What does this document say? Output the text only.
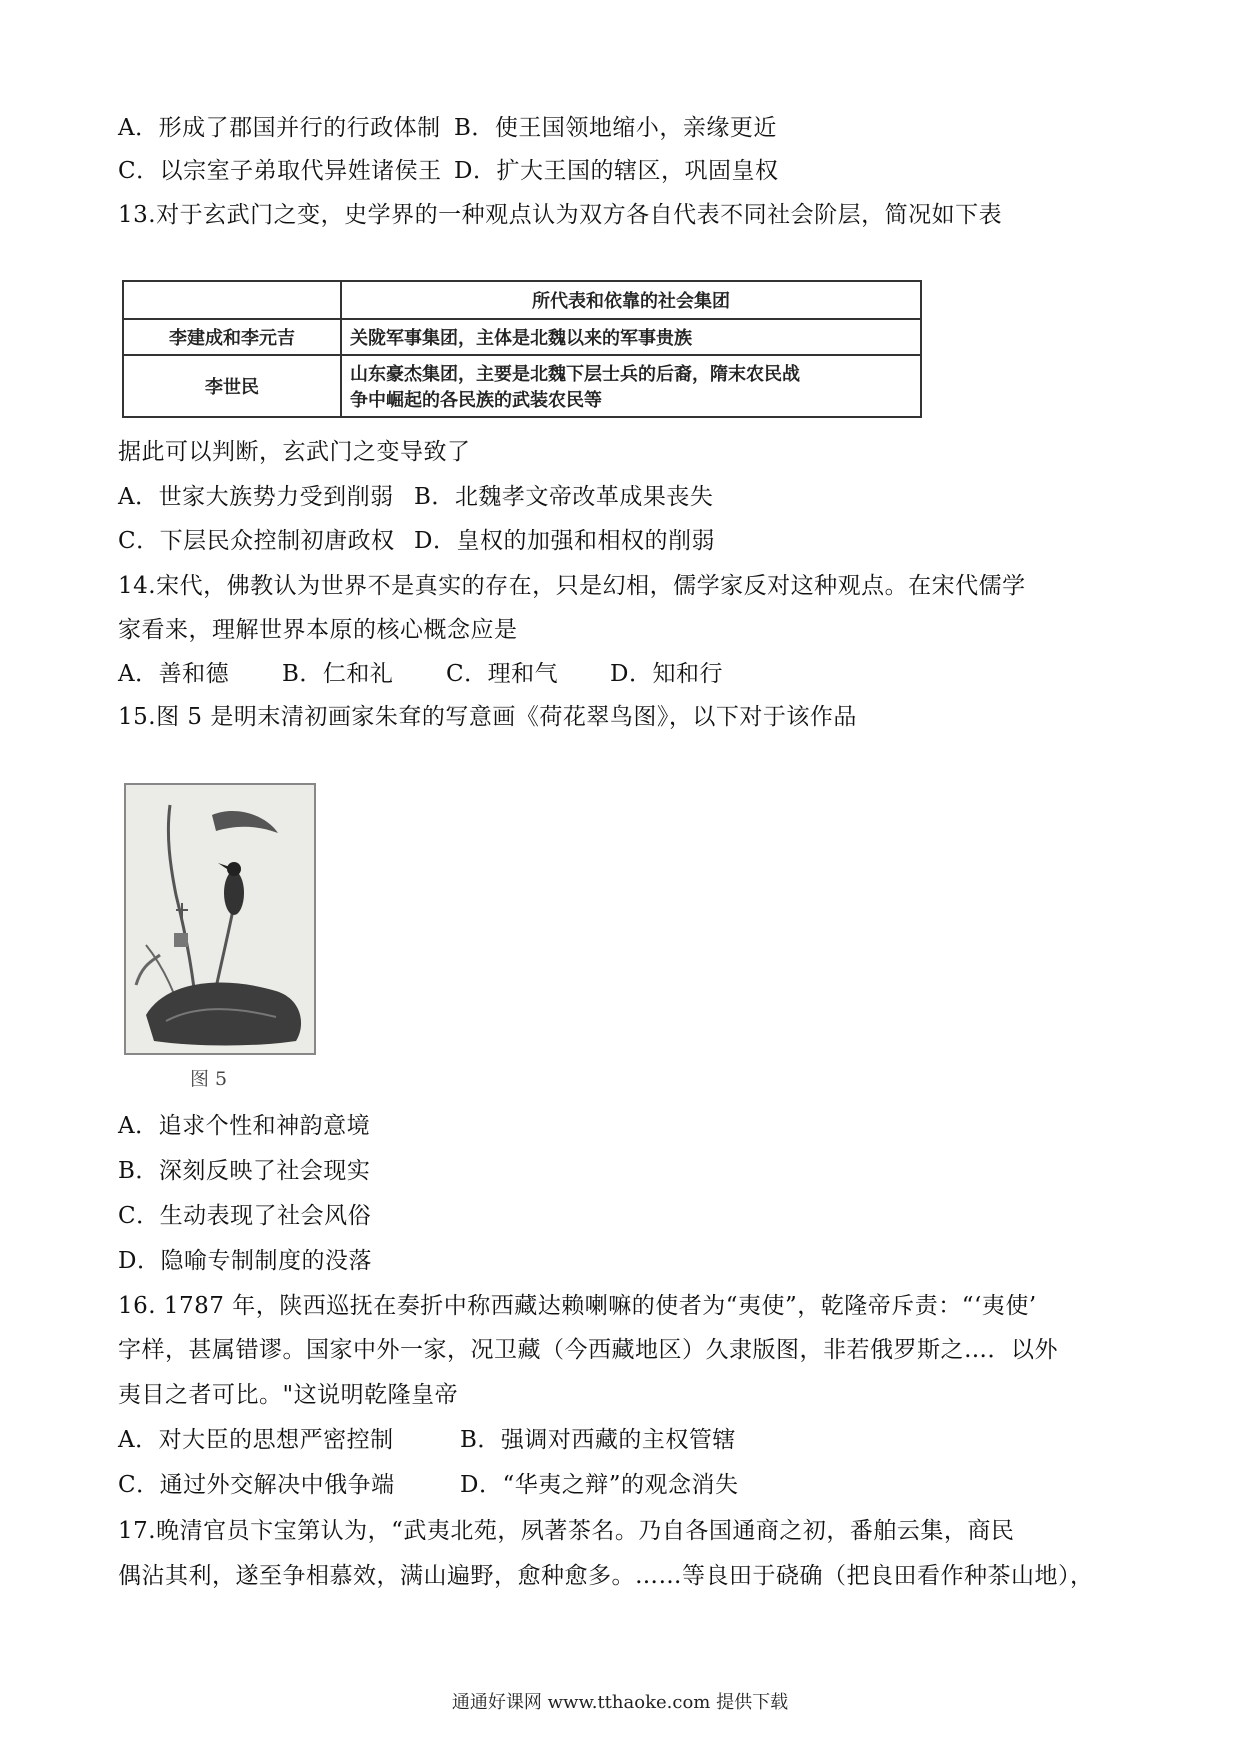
A．形成了郡国并行的行政体制 B．使王国领地缩小，亲缘更近
C．以宗室子弟取代异姓诸侯王 D．扩大王国的辖区，巩固皇权
13.对于玄武门之变，史学界的一种观点认为双方各自代表不同社会阶层，简况如下表
	所代表和依靠的社会集团
李建成和李元吉	关陇军事集团，主体是北魏以来的军事贵族
李世民	山东豪杰集团，主要是北魏下层士兵的后裔，隋末农民战
争中崛起的各民族的武装农民等
据此可以判断，玄武门之变导致了
A．世家大族势力受到削弱 B．北魏孝文帝改革成果丧失
C．下层民众控制初唐政权 D．皇权的加强和相权的削弱
14.宋代，佛教认为世界不是真实的存在，只是幻相，儒学家反对这种观点。在宋代儒学
家看来，理解世界本原的核心概念应是
A．善和德 B．仁和礼 C．理和气 D．知和行
15.图 5 是明末清初画家朱耷的写意画《荷花翠鸟图》，以下对于该作品
图 5
A．追求个性和神韵意境
B．深刻反映了社会现实
C．生动表现了社会风俗
D．隐喻专制制度的没落
16. 1787 年，陕西巡抚在奏折中称西藏达赖喇嘛的使者为“夷使”，乾隆帝斥责：“‘夷使’
字样，甚属错谬。国家中外一家，况卫藏（今西藏地区）久隶版图，非若俄罗斯之…．以外
夷目之者可比。"这说明乾隆皇帝
A．对大臣的思想严密控制	B．强调对西藏的主权管辖
C．通过外交解决中俄争端	D．“华夷之辩”的观念消失
17.晚清官员卞宝第认为，“武夷北苑，夙著茶名。乃自各国通商之初，番舶云集，商民
偶沾其利，遂至争相慕效，满山遍野，愈种愈多。……等良田于硗确（把良田看作种茶山地），
通通好课网 www.tthaoke.com 提供下载
